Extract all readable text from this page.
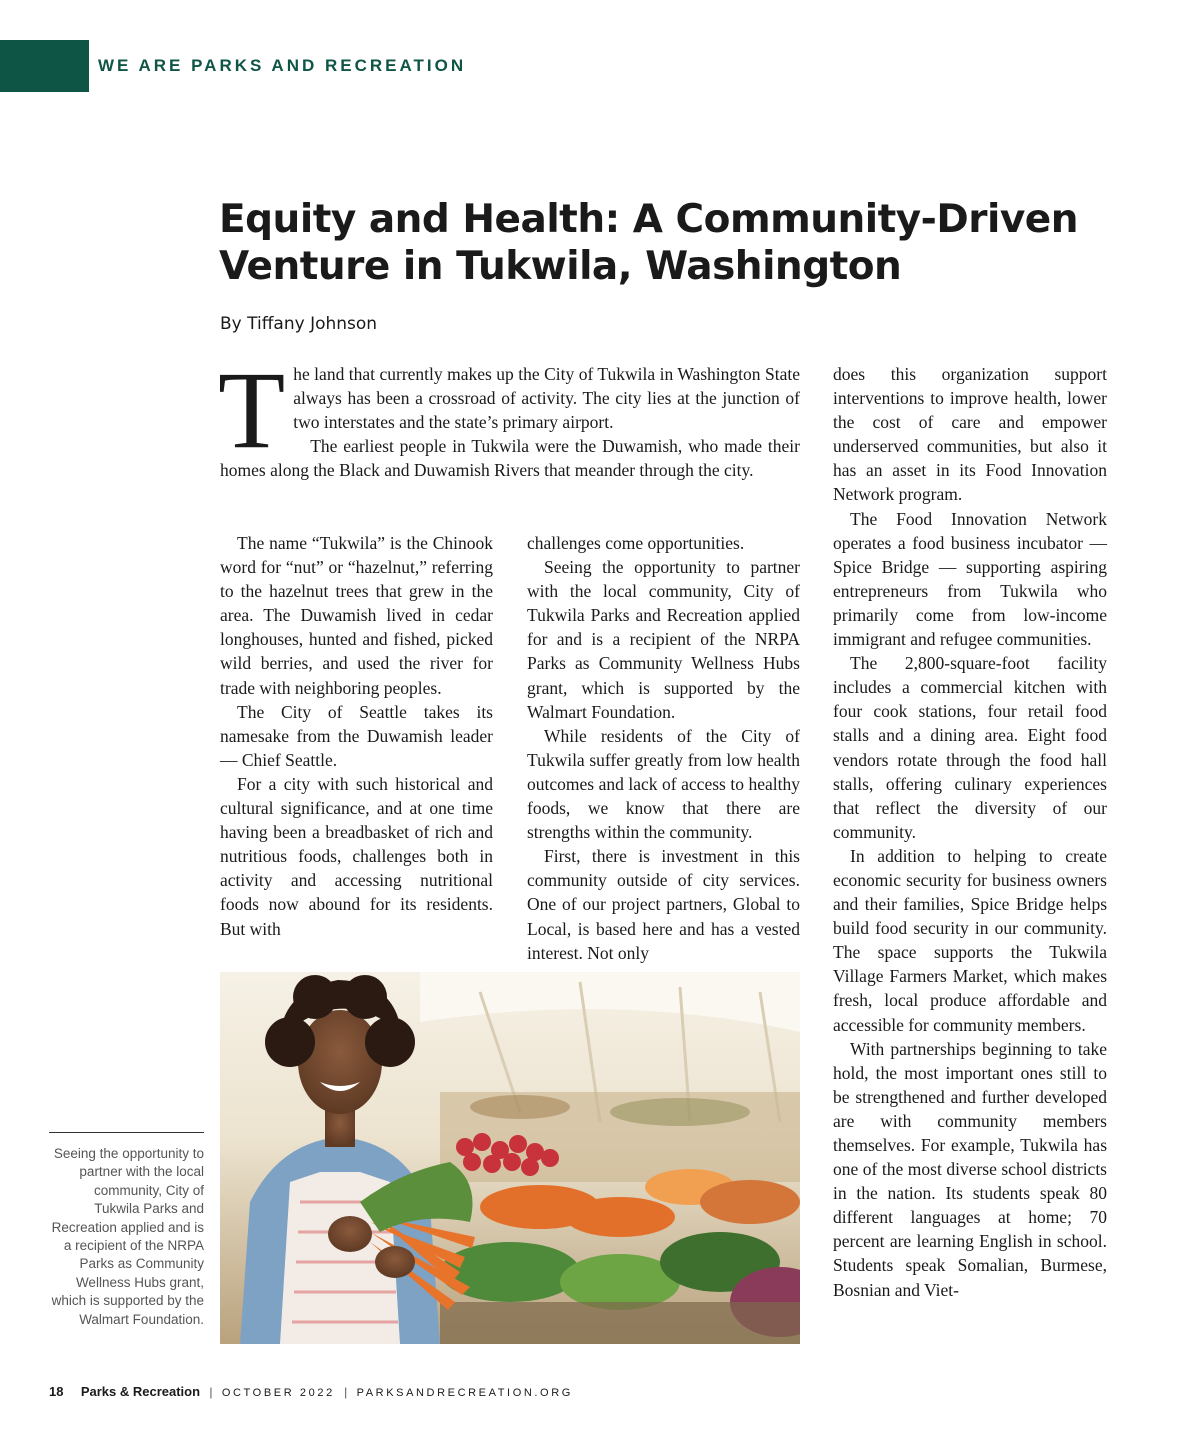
WE ARE PARKS AND RECREATION
Equity and Health: A Community-Driven Venture in Tukwila, Washington
By Tiffany Johnson
T he land that currently makes up the City of Tukwila in Washington State always has been a crossroad of activity. The city lies at the junction of two interstates and the state’s primary airport.

The earliest people in Tukwila were the Duwamish, who made their homes along the Black and Duwamish Rivers that meander through the city.

The name “Tukwila” is the Chinook word for “nut” or “hazelnut,” referring to the hazelnut trees that grew in the area. The Duwamish lived in cedar longhouses, hunted and fished, picked wild berries, and used the river for trade with neighboring peoples.

The City of Seattle takes its namesake from the Duwamish leader — Chief Seattle.

For a city with such historical and cultural significance, and at one time having been a breadbasket of rich and nutritious foods, challenges both in activity and accessing nutritional foods now abound for its residents. But with

challenges come opportunities.

Seeing the opportunity to partner with the local community, City of Tukwila Parks and Recreation applied for and is a recipient of the NRPA Parks as Community Wellness Hubs grant, which is supported by the Walmart Foundation.

While residents of the City of Tukwila suffer greatly from low health outcomes and lack of access to healthy foods, we know that there are strengths within the community.

First, there is investment in this community outside of city services. One of our project partners, Global to Local, is based here and has a vested interest. Not only

does this organization support interventions to improve health, lower the cost of care and empower underserved communities, but also it has an asset in its Food Innovation Network program.

The Food Innovation Network operates a food business incubator — Spice Bridge — supporting aspiring entrepreneurs from Tukwila who primarily come from low-income immigrant and refugee communities.

The 2,800-square-foot facility includes a commercial kitchen with four cook stations, four retail food stalls and a dining area. Eight food vendors rotate through the food hall stalls, offering culinary experiences that reflect the diversity of our community.

In addition to helping to create economic security for business owners and their families, Spice Bridge helps build food security in our community. The space supports the Tukwila Village Farmers Market, which makes fresh, local produce affordable and accessible for community members.

With partnerships beginning to take hold, the most important ones still to be strengthened and further developed are with community members themselves. For example, Tukwila has one of the most diverse school districts in the nation. Its students speak 80 different languages at home; 70 percent are learning English in school. Students speak Somalian, Burmese, Bosnian and Viet-

Seeing the opportunity to partner with the local community, City of Tukwila Parks and Recreation applied and is a recipient of the NRPA Parks as Community Wellness Hubs grant, which is supported by the Walmart Foundation.
18 Parks & Recreation | OCTOBER 2022 | PARKSANDRECREATION.ORG
